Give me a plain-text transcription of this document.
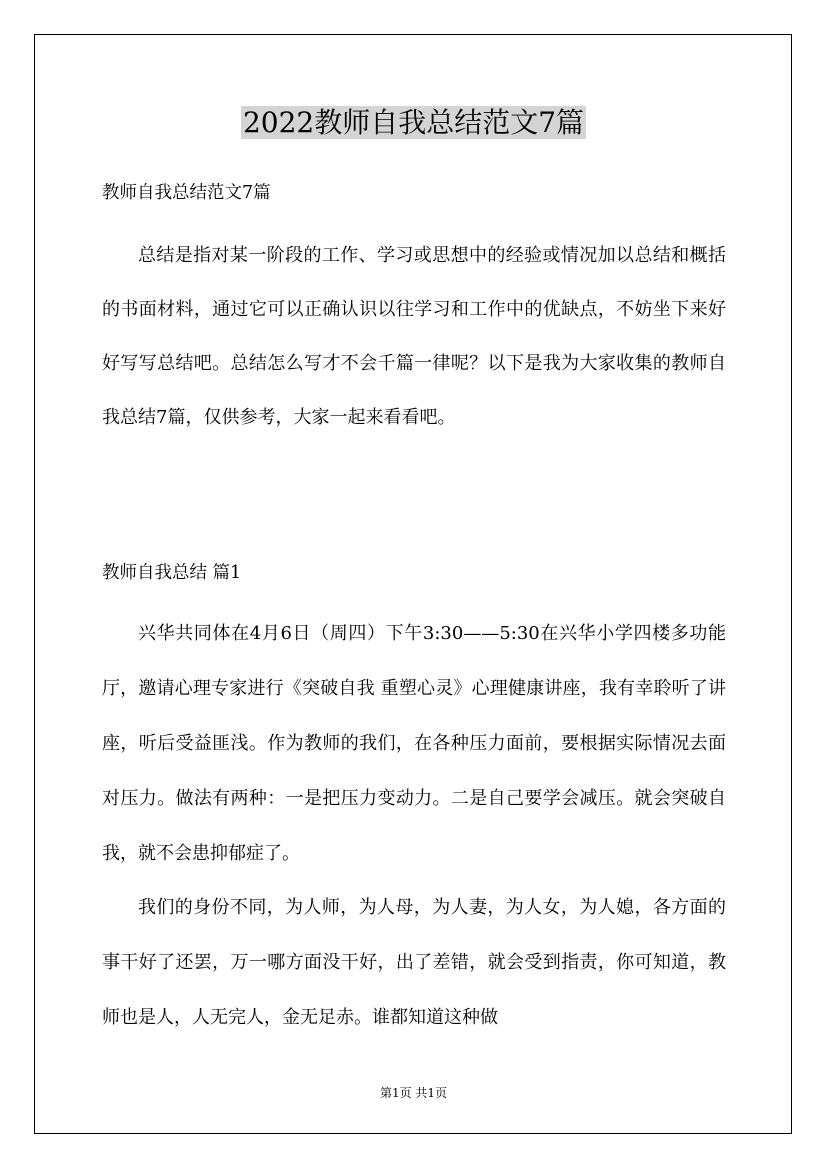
2022教师自我总结范文7篇
教师自我总结范文7篇
总结是指对某一阶段的工作、学习或思想中的经验或情况加以总结和概括的书面材料，通过它可以正确认识以往学习和工作中的优缺点，不妨坐下来好好写写总结吧。总结怎么写才不会千篇一律呢？以下是我为大家收集的教师自我总结7篇，仅供参考，大家一起来看看吧。
教师自我总结 篇1
兴华共同体在4月6日（周四）下午3:30——5:30在兴华小学四楼多功能厅，邀请心理专家进行《突破自我 重塑心灵》心理健康讲座，我有幸聆听了讲座，听后受益匪浅。作为教师的我们，在各种压力面前，要根据实际情况去面对压力。做法有两种：一是把压力变动力。二是自己要学会减压。就会突破自我，就不会患抑郁症了。
我们的身份不同，为人师，为人母，为人妻，为人女，为人媳，各方面的事干好了还罢，万一哪方面没干好，出了差错，就会受到指责，你可知道，教师也是人，人无完人，金无足赤。谁都知道这种做
第1页 共1页
